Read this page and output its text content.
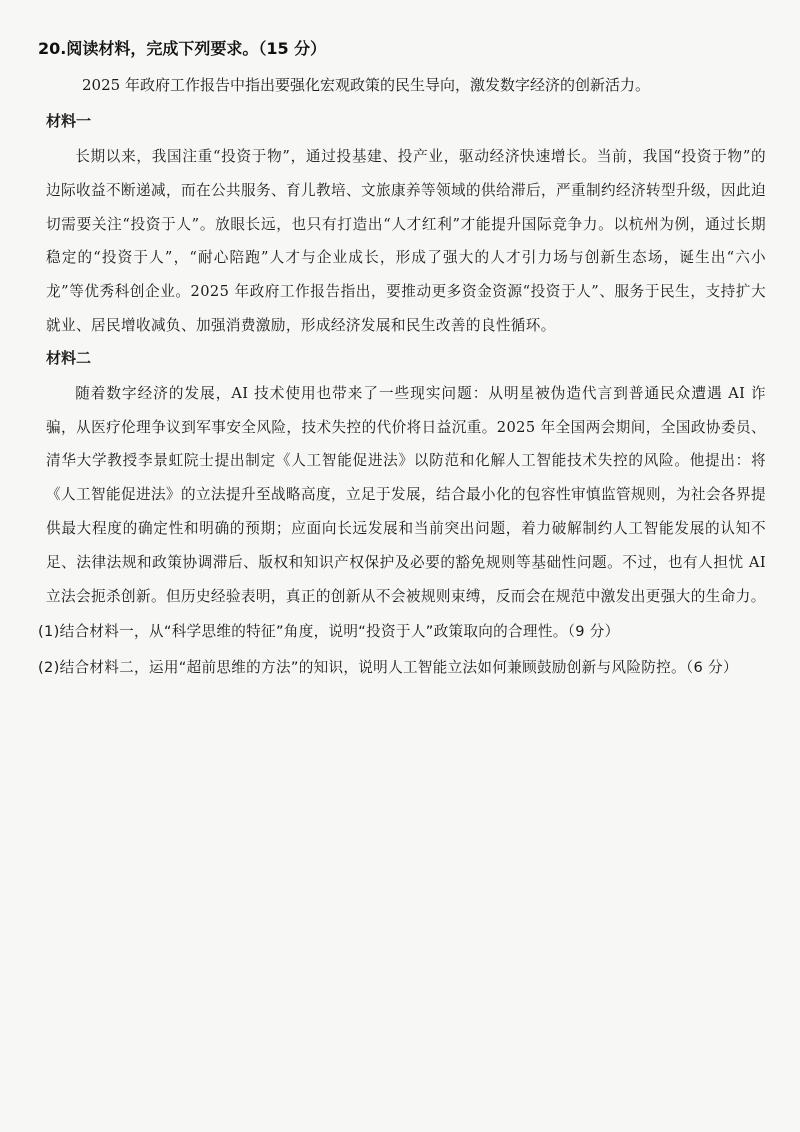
20.阅读材料，完成下列要求。（15 分）
2025 年政府工作报告中指出要强化宏观政策的民生导向，激发数字经济的创新活力。
材料一

长期以来，我国注重“投资于物”，通过投基建、投产业，驱动经济快速增长。当前，我国“投资于物”的边际收益不断递减，而在公共服务、育儿教培、文旅康养等领域的供给滞后，严重制约经济转型升级，因此迫切需要关注“投资于人”。放眼长远，也只有打造出“人才红利”才能提升国际竞争力。以杭州为例，通过长期稳定的“投资于人”，“耐心陪跑”人才与企业成长，形成了强大的人才引力场与创新生态场，诞生出“六小龙”等优秀科创企业。2025 年政府工作报告指出，要推动更多资金资源“投资于人”、服务于民生，支持扩大就业、居民增收减负、加强消费激励，形成经济发展和民生改善的良性循环。

材料二

随着数字经济的发展，AI 技术使用也带来了一些现实问题：从明星被伪造代言到普通民众遭遇 AI 诈骗，从医疗伦理争议到军事安全风险，技术失控的代价将日益沉重。2025 年全国两会期间，全国政协委员、清华大学教授李景虹院士提出制定《人工智能促进法》以防范和化解人工智能技术失控的风险。他提出：将《人工智能促进法》的立法提升至战略高度，立足于发展，结合最小化的包容性审慎监管规则，为社会各界提供最大程度的确定性和明确的预期；应面向长远发展和当前突出问题，着力破解制约人工智能发展的认知不足、法律法规和政策协调滞后、版权和知识产权保护及必要的豁免规则等基础性问题。不过，也有人担忧 AI 立法会扼杀创新。但历史经验表明，真正的创新从不会被规则束缚，反而会在规范中激发出更强大的生命力。

(1)结合材料一，从“科学思维的特征”角度，说明“投资于人”政策取向的合理性。（9 分）
(2)结合材料二，运用“超前思维的方法”的知识，说明人工智能立法如何兼顾鼓励创新与风险防控。（6 分）
